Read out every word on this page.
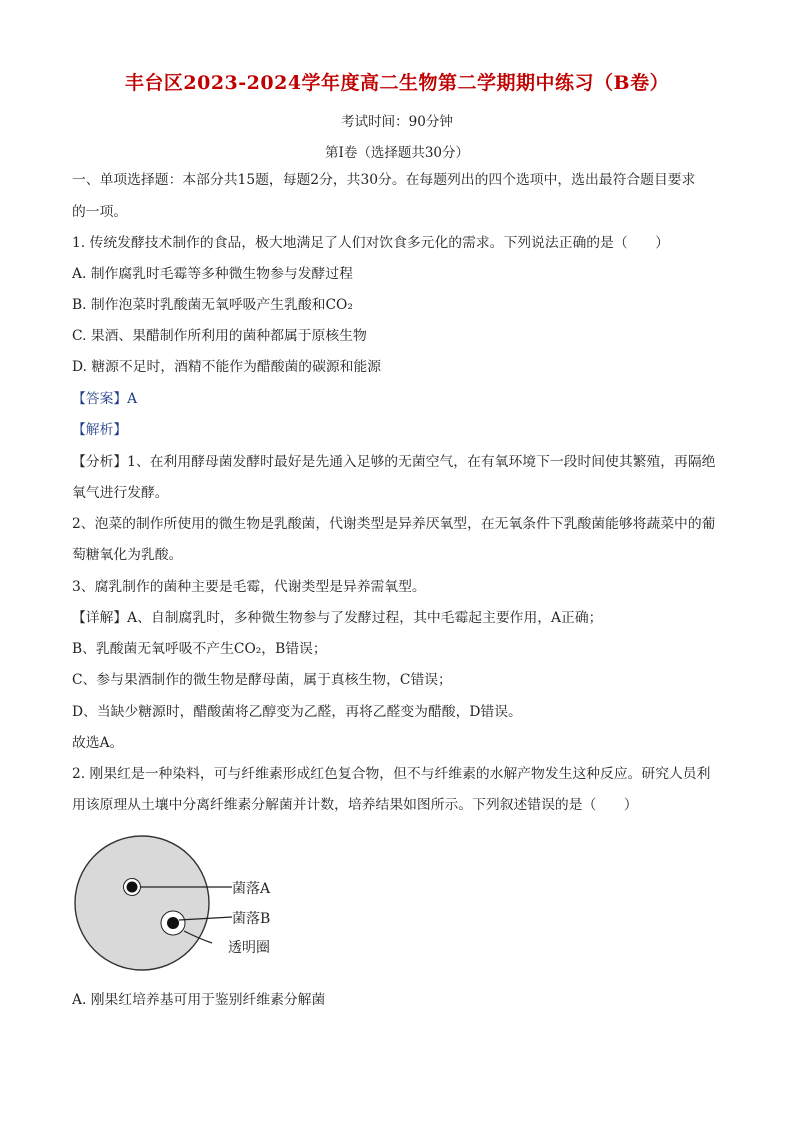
丰台区2023-2024学年度高二生物第二学期期中练习（B卷）
考试时间：90分钟
第Ⅰ卷（选择题共30分）
一、单项选择题：本部分共15题，每题2分，共30分。在每题列出的四个选项中，选出最符合题目要求
的一项。
1. 传统发酵技术制作的食品，极大地满足了人们对饮食多元化的需求。下列说法正确的是（　　）
A. 制作腐乳时毛霉等多种微生物参与发酵过程
B. 制作泡菜时乳酸菌无氧呼吸产生乳酸和CO₂
C. 果酒、果醋制作所利用的菌种都属于原核生物
D. 糖源不足时，酒精不能作为醋酸菌的碳源和能源
【答案】A
【解析】
【分析】1、在利用酵母菌发酵时最好是先通入足够的无菌空气，在有氧环境下一段时间使其繁殖，再隔绝
氧气进行发酵。
2、泡菜的制作所使用的微生物是乳酸菌，代谢类型是异养厌氧型，在无氧条件下乳酸菌能够将蔬菜中的葡
萄糖氧化为乳酸。
3、腐乳制作的菌种主要是毛霉，代谢类型是异养需氧型。
【详解】A、自制腐乳时，多种微生物参与了发酵过程，其中毛霉起主要作用，A正确；
B、乳酸菌无氧呼吸不产生CO₂，B错误；
C、参与果酒制作的微生物是酵母菌，属于真核生物，C错误；
D、当缺少糖源时，醋酸菌将乙醇变为乙醛，再将乙醛变为醋酸，D错误。
故选A。
2. 刚果红是一种染料，可与纤维素形成红色复合物，但不与纤维素的水解产物发生这种反应。研究人员利
用该原理从土壤中分离纤维素分解菌并计数，培养结果如图所示。下列叙述错误的是（　　）
菌落A
菌落B
透明圈
A. 刚果红培养基可用于鉴别纤维素分解菌
